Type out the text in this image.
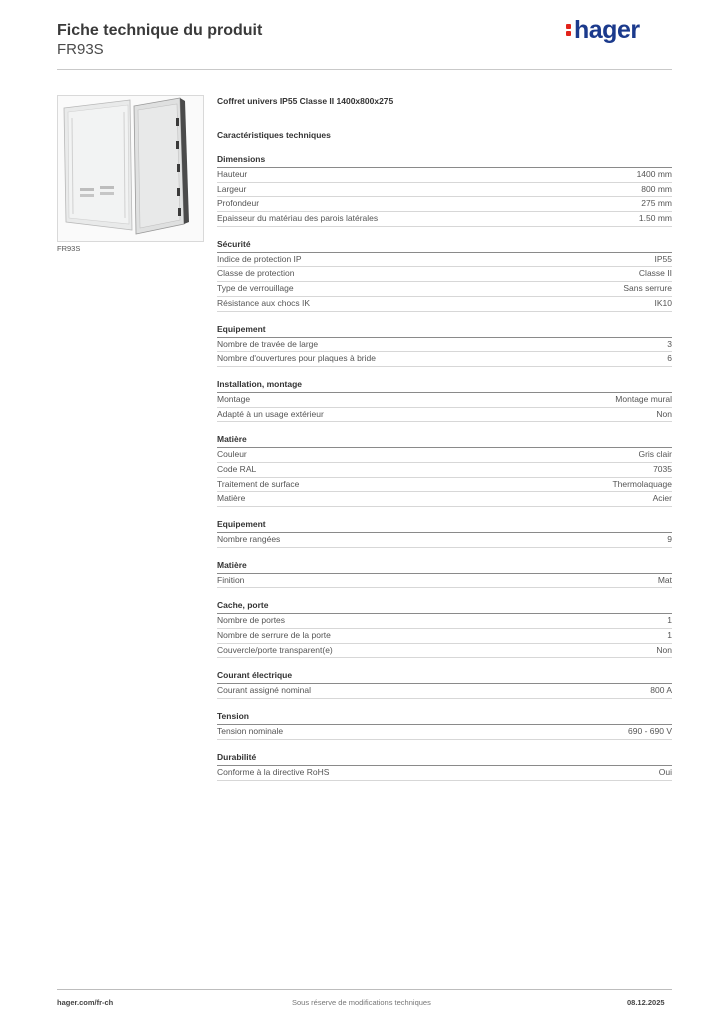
Fiche technique du produit
FR93S
hager
FR93S
Coffret univers IP55 Classe II 1400x800x275
Caractéristiques techniques
Dimensions
Hauteur	1400 mm
Largeur	800 mm
Profondeur	275 mm
Epaisseur du matériau des parois latérales	1.50 mm
Sécurité
Indice de protection IP	IP55
Classe de protection	Classe II
Type de verrouillage	Sans serrure
Résistance aux chocs IK	IK10
Equipement
Nombre de travée de large	3
Nombre d'ouvertures pour plaques à bride	6
Installation, montage
Montage	Montage mural
Adapté à un usage extérieur	Non
Matière
Couleur	Gris clair
Code RAL	7035
Traitement de surface	Thermolaquage
Matière	Acier
Equipement
Nombre rangées	9
Matière
Finition	Mat
Cache, porte
Nombre de portes	1
Nombre de serrure de la porte	1
Couvercle/porte transparent(e)	Non
Courant électrique
Courant assigné nominal	800 A
Tension
Tension nominale	690 - 690 V
Durabilité
Conforme à la directive RoHS	Oui
hager.com/fr-ch	Sous réserve de modifications techniques	08.12.2025
